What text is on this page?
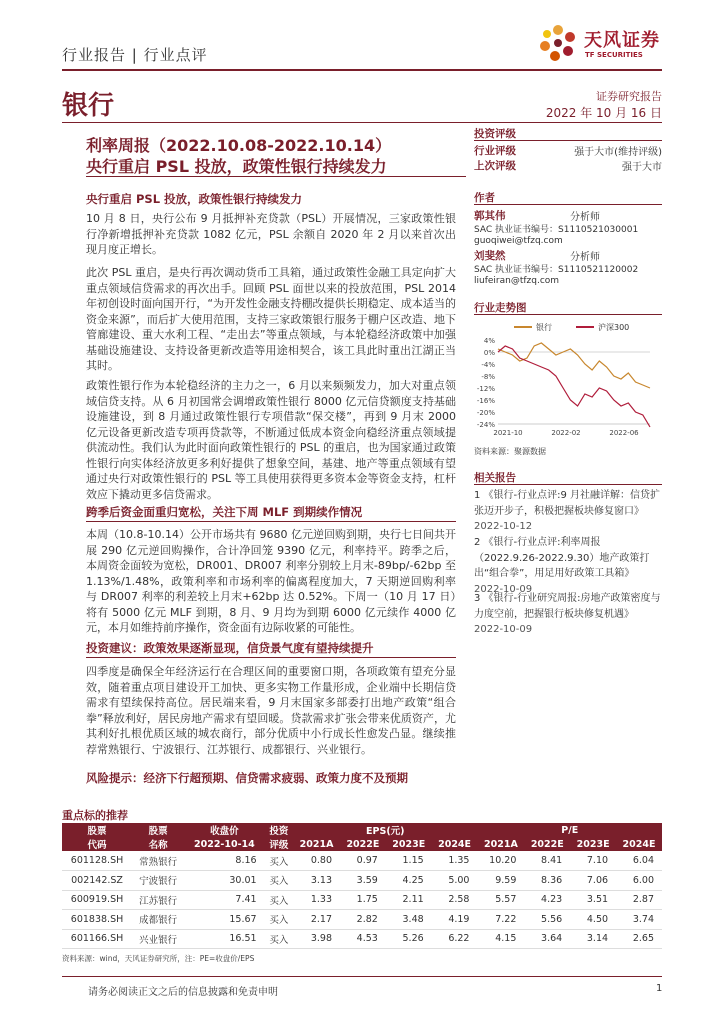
行业报告 | 行业点评
天风证券
TF SECURITIES
银行	证券研究报告
2022 年 10 月 16 日
利率周报（2022.10.08-2022.10.14）
央行重启 PSL 投放，政策性银行持续发力
央行重启 PSL 投放，政策性银行持续发力
10 月 8 日，央行公布 9 月抵押补充贷款（PSL）开展情况，三家政策性银行净新增抵押补充贷款 1082 亿元，PSL 余额自 2020 年 2 月以来首次出现月度正增长。
此次 PSL 重启，是央行再次调动货币工具箱，通过政策性金融工具定向扩大重点领域信贷需求的再次出手。回顾 PSL 面世以来的投放范围，PSL 2014 年初创设时面向国开行，“为开发性金融支持棚改提供长期稳定、成本适当的资金来源”，而后扩大使用范围，支持三家政策银行服务于棚户区改造、地下管廊建设、重大水利工程、“走出去”等重点领域，与本轮稳经济政策中加强基础设施建设、支持设备更新改造等用途相契合，该工具此时重出江湖正当其时。
政策性银行作为本轮稳经济的主力之一，6 月以来频频发力，加大对重点领域信贷支持。从 6 月初国常会调增政策性银行 8000 亿元信贷额度支持基础设施建设，到 8 月通过政策性银行专项借款“保交楼”，再到 9 月末 2000 亿元设备更新改造专项再贷款等，不断通过低成本资金向稳经济重点领域提供流动性。我们认为此时面向政策性银行的 PSL 的重启，也为国家通过政策性银行向实体经济放更多利好提供了想象空间，基建、地产等重点领域有望通过央行对政策性银行的 PSL 等工具使用获得更多资本金等资金支持，杠杆效应下撬动更多信贷需求。
跨季后资金面重归宽松，关注下周 MLF 到期续作情况
本周（10.8-10.14）公开市场共有 9680 亿元逆回购到期，央行七日间共开展 290 亿元逆回购操作，合计净回笼 9390 亿元，利率持平。跨季之后，本周资金面较为宽松，DR001、DR007 利率分别较上月末-89bp/-62bp 至 1.13%/1.48%，政策利率和市场利率的偏离程度加大，7 天期逆回购利率与 DR007 利率的利差较上月末+62bp 达 0.52%。下周一（10 月 17 日）将有 5000 亿元 MLF 到期，8 月、9 月均为到期 6000 亿元续作 4000 亿元，本月如维持前序操作，资金面有边际收紧的可能性。
投资建议：政策效果逐渐显现，信贷景气度有望持续提升
四季度是确保全年经济运行在合理区间的重要窗口期，各项政策有望充分显效，随着重点项目建设开工加快、更多实物工作量形成，企业端中长期信贷需求有望续保持高位。居民端来看，9 月末国家多部委打出地产政策“组合拳”释放利好，居民房地产需求有望回暖。贷款需求扩张会带来优质资产，尤其利好扎根优质区域的城农商行，部分优质中小行成长性愈发凸显。继续推荐常熟银行、宁波银行、江苏银行、成都银行、兴业银行。
风险提示：经济下行超预期、信贷需求疲弱、政策力度不及预期
投资评级
行业评级	强于大市(维持评级)
上次评级	强于大市
作者
郭其伟	分析师
SAC 执业证书编号：S1110521030001
guoqiwei@tfzq.com
刘斐然	分析师
SAC 执业证书编号：S1110521120002
liufeiran@tfzq.com
行业走势图
银行	沪深300
4%
0%
-4%
-8%
-12%
-16%
-20%
-24%
2021-10	2022-02	2022-06
资料来源：聚源数据
相关报告
1 《银行-行业点评:9 月社融详解：信贷扩张迈开步子，积极把握板块修复窗口》 2022-10-12
2 《银行-行业点评:利率周报（2022.9.26-2022.9.30）地产政策打出“组合拳”，用足用好政策工具箱》 2022-10-09
3 《银行-行业研究周报:房地产政策密度与力度空前，把握银行板块修复机遇》 2022-10-09
重点标的推荐
股票	股票	收盘价	投资	EPS(元)				P/E			
代码	名称	2022-10-14	评级	2021A	2022E	2023E	2024E	2021A	2022E	2023E	2024E
601128.SH	常熟银行	8.16	买入	0.80	0.97	1.15	1.35	10.20	8.41	7.10	6.04
002142.SZ	宁波银行	30.01	买入	3.13	3.59	4.25	5.00	9.59	8.36	7.06	6.00
600919.SH	江苏银行	7.41	买入	1.33	1.75	2.11	2.58	5.57	4.23	3.51	2.87
601838.SH	成都银行	15.67	买入	2.17	2.82	3.48	4.19	7.22	5.56	4.50	3.74
601166.SH	兴业银行	16.51	买入	3.98	4.53	5.26	6.22	4.15	3.64	3.14	2.65
资料来源：wind，天风证券研究所，注：PE=收盘价/EPS
请务必阅读正文之后的信息披露和免责申明	1
